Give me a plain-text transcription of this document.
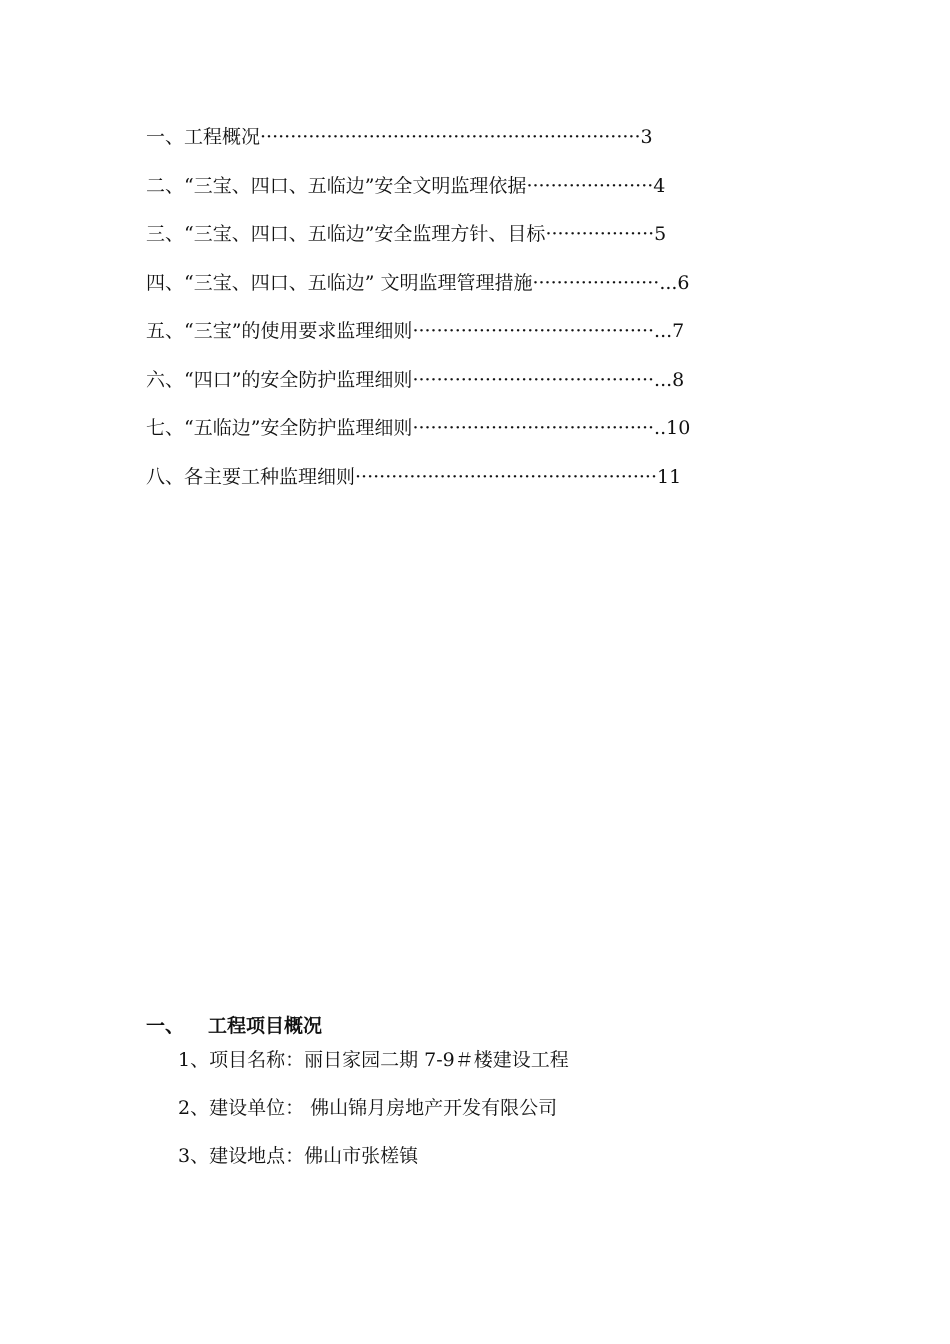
一、工程概况·······························································3
二、“三宝、四口、五临边”安全文明监理依据·····················4
三、“三宝、四口、五临边”安全监理方针、目标··················5
四、“三宝、四口、五临边” 文明监理管理措施·····················...6
五、“三宝”的使用要求监理细则········································...7
六、“四口”的安全防护监理细则········································...8
七、“五临边”安全防护监理细则········································..10
八、各主要工种监理细则··················································11
一、 工程项目概况
1、项目名称：丽日家园二期 7-9＃楼建设工程
2、建设单位： 佛山锦月房地产开发有限公司
3、建设地点：佛山市张槎镇
